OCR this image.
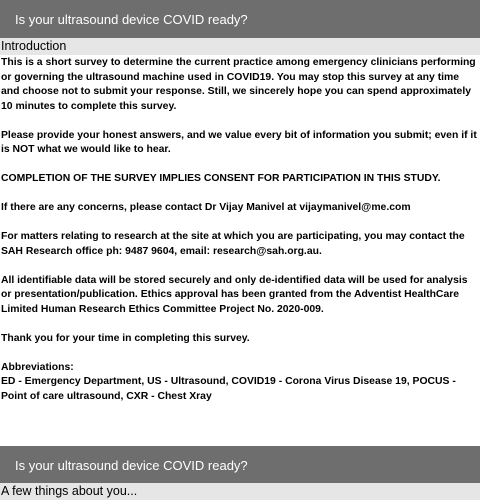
Is your ultrasound device COVID ready?
Introduction

This is a short survey to determine the current practice among emergency clinicians performing or governing the ultrasound machine used in COVID19. You may stop this survey at any time and choose not to submit your response. Still, we sincerely hope you can spend approximately 10 minutes to complete this survey.

Please provide your honest answers, and we value every bit of information you submit; even if it is NOT what we would like to hear.

COMPLETION OF THE SURVEY IMPLIES CONSENT FOR PARTICIPATION IN THIS STUDY.

If there are any concerns, please contact Dr Vijay Manivel at vijaymanivel@me.com

For matters relating to research at the site at which you are participating, you may contact the SAH Research office ph: 9487 9604, email: research@sah.org.au.

All identifiable data will be stored securely and only de-identified data will be used for analysis or presentation/publication. Ethics approval has been granted from the Adventist HealthCare Limited Human Research Ethics Committee Project No. 2020-009.

Thank you for your time in completing this survey.

Abbreviations:
ED - Emergency Department, US - Ultrasound, COVID19 - Corona Virus Disease 19, POCUS - Point of care ultrasound, CXR - Chest Xray
Is your ultrasound device COVID ready?
A few things about you...
